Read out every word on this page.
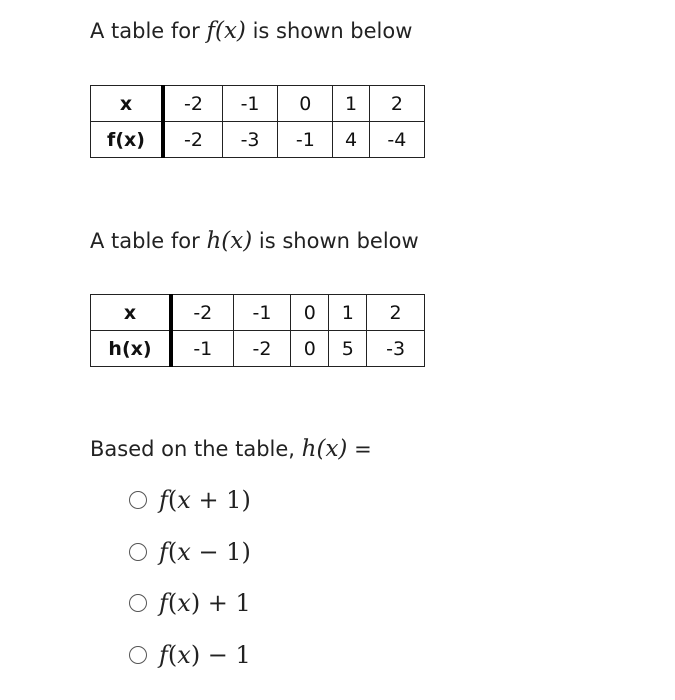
A table for f(x) is shown below
x	-2	-1	0	1	2
f(x)	-2	-3	-1	4	-4
A table for h(x) is shown below
x	-2	-1	0	1	2
h(x)	-1	-2	0	5	-3
Based on the table, h(x) =
f(x + 1)
f(x − 1)
f(x) + 1
f(x) − 1
